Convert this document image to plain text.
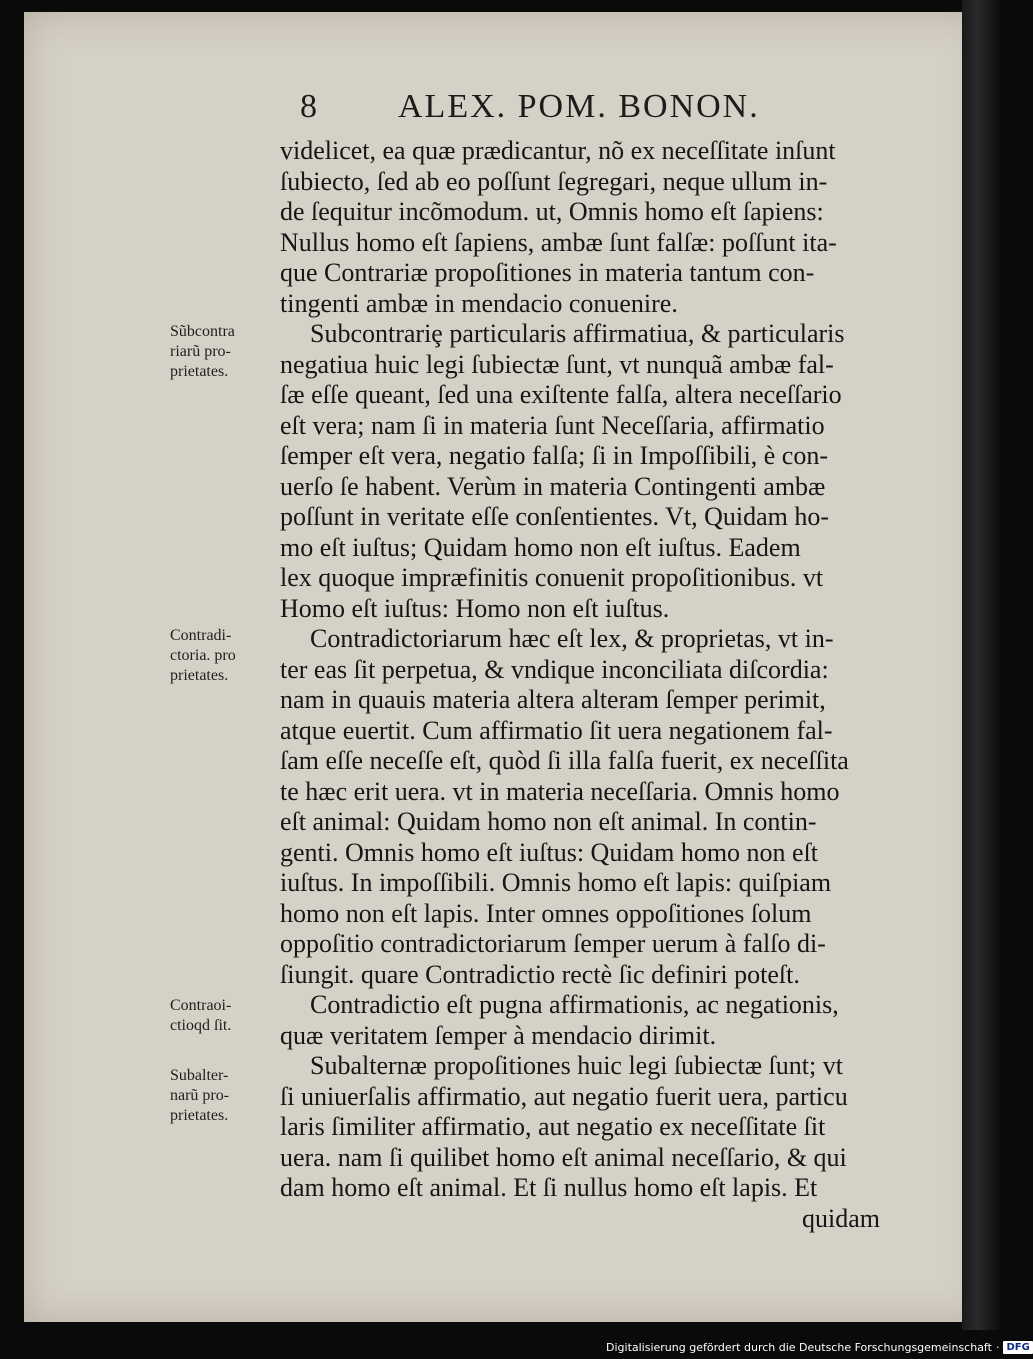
8 ALEX. POM. BONON.
videlicet, ea quæ prædicantur, nõ ex neceſſitate inſunt
ſubiecto, ſed ab eo poſſunt ſegregari, neque ullum in-
de ſequitur incõmodum. ut, Omnis homo eſt ſapiens:
Nullus homo eſt ſapiens, ambæ ſunt falſæ: poſſunt ita-
que Contrariæ propoſitiones in materia tantum con-
tingenti ambæ in mendacio conuenire.
Subcontrariȩ particularis affirmatiua, & particularis
negatiua huic legi ſubiectæ ſunt, vt nunquã ambæ fal-
ſæ eſſe queant, ſed una exiſtente falſa, altera neceſſario
eſt vera; nam ſi in materia ſunt Neceſſaria, affirmatio
ſemper eſt vera, negatio falſa; ſi in Impoſſibili, è con-
uerſo ſe habent. Verùm in materia Contingenti ambæ
poſſunt in veritate eſſe conſentientes. Vt, Quidam ho-
mo eſt iuſtus; Quidam homo non eſt iuſtus. Eadem
lex quoque impræfinitis conuenit propoſitionibus. vt
Homo eſt iuſtus: Homo non eſt iuſtus.
Contradictoriarum hæc eſt lex, & proprietas, vt in-
ter eas ſit perpetua, & vndique inconciliata diſcordia:
nam in quauis materia altera alteram ſemper perimit,
atque euertit. Cum affirmatio ſit uera negationem fal-
ſam eſſe neceſſe eſt, quòd ſi illa falſa fuerit, ex neceſſita
te hæc erit uera. vt in materia neceſſaria. Omnis homo
eſt animal: Quidam homo non eſt animal. In contin-
genti. Omnis homo eſt iuſtus: Quidam homo non eſt
iuſtus. In impoſſibili. Omnis homo eſt lapis: quiſpiam
homo non eſt lapis. Inter omnes oppoſitiones ſolum
oppoſitio contradictoriarum ſemper uerum à falſo di-
ſiungit. quare Contradictio rectè ſic definiri poteſt.
Contradictio eſt pugna affirmationis, ac negationis,
quæ veritatem ſemper à mendacio dirimit.
Subalternæ propoſitiones huic legi ſubiectæ ſunt; vt
ſi uniuerſalis affirmatio, aut negatio fuerit uera, particu
laris ſimiliter affirmatio, aut negatio ex neceſſitate ſit
uera. nam ſi quilibet homo eſt animal neceſſario, & qui
dam homo eſt animal. Et ſi nullus homo eſt lapis. Et
quidam
Sũbcontra
riarũ pro-
prietates.
Contradi-
ctoria. pro
prietates.
Contraoi-
ctioqd ſit.
Subalter-
narũ pro-
prietates.
Digitalisierung gefördert durch die Deutsche Forschungsgemeinschaft · DFG
